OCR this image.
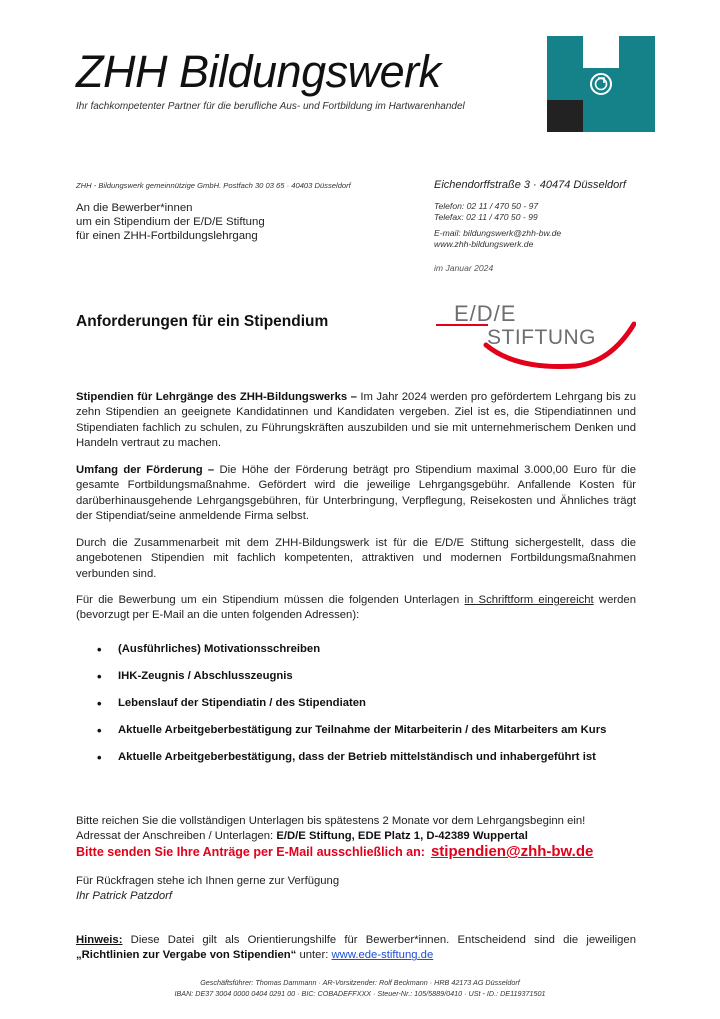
ZHH Bildungswerk
Ihr fachkompetenter Partner für die berufliche Aus- und Fortbildung im Hartwarenhandel
ZHH - Bildungswerk gemeinnützige GmbH. Postfach 30 03 65 · 40403 Düsseldorf
An die Bewerber*innen
um ein Stipendium der E/D/E Stiftung
für einen ZHH-Fortbildungslehrgang
Eichendorffstraße 3 · 40474 Düsseldorf
Telefon: 02 11 / 470 50 - 97
Telefax: 02 11 / 470 50 - 99
E-mail: bildungswerk@zhh-bw.de
www.zhh-bildungswerk.de
im Januar 2024
Anforderungen für ein Stipendium	E/D/E
STIFTUNG
Stipendien für Lehrgänge des ZHH-Bildungswerks – Im Jahr 2024 werden pro gefördertem Lehrgang bis zu zehn Stipendien an geeignete Kandidatinnen und Kandidaten vergeben. Ziel ist es, die Stipendiatinnen und Stipendiaten fachlich zu schulen, zu Führungskräften auszubilden und sie mit unternehmerischem Denken und Handeln vertraut zu machen.
Umfang der Förderung – Die Höhe der Förderung beträgt pro Stipendium maximal 3.000,00 Euro für die gesamte Fortbildungsmaßnahme. Gefördert wird die jeweilige Lehrgangsgebühr. Anfallende Kosten für darüberhinausgehende Lehrgangsgebühren, für Unterbringung, Verpflegung, Reisekosten und Ähnliches trägt der Stipendiat/seine anmeldende Firma selbst.
Durch die Zusammenarbeit mit dem ZHH-Bildungswerk ist für die E/D/E Stiftung sichergestellt, dass die angebotenen Stipendien mit fachlich kompetenten, attraktiven und modernen Fortbildungsmaßnahmen verbunden sind.
Für die Bewerbung um ein Stipendium müssen die folgenden Unterlagen in Schriftform eingereicht werden (bevorzugt per E-Mail an die unten folgenden Adressen):
• (Ausführliches) Motivationsschreiben
• IHK-Zeugnis / Abschlusszeugnis
• Lebenslauf der Stipendiatin / des Stipendiaten
• Aktuelle Arbeitgeberbestätigung zur Teilnahme der Mitarbeiterin / des Mitarbeiters am Kurs
• Aktuelle Arbeitgeberbestätigung, dass der Betrieb mittelständisch und inhabergeführt ist
Bitte reichen Sie die vollständigen Unterlagen bis spätestens 2 Monate vor dem Lehrgangsbeginn ein!
Adressat der Anschreiben / Unterlagen: E/D/E Stiftung, EDE Platz 1, D-42389 Wuppertal
Bitte senden Sie Ihre Anträge per E-Mail ausschließlich an: stipendien@zhh-bw.de
Für Rückfragen stehe ich Ihnen gerne zur Verfügung
Ihr Patrick Patzdorf
Hinweis: Diese Datei gilt als Orientierungshilfe für Bewerber*innen. Entscheidend sind die jeweiligen „Richtlinien zur Vergabe von Stipendien“ unter: www.ede-stiftung.de
Geschäftsführer: Thomas Dammann · AR-Vorsitzender: Rolf Beckmann · HRB 42173 AG Düsseldorf
IBAN: DE37 3004 0000 0404 0291 00 · BIC: COBADEFFXXX · Steuer-Nr.: 105/5889/0410 · USt - ID.: DE119371501
